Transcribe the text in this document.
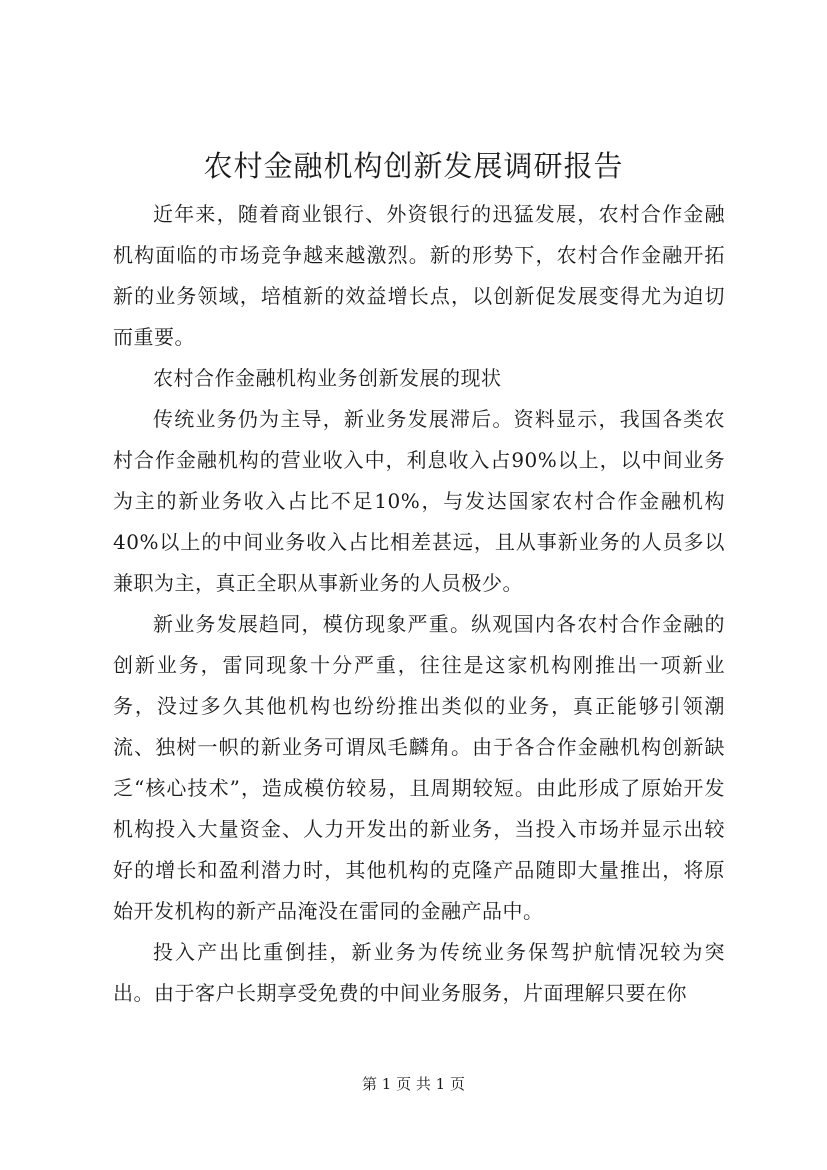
农村金融机构创新发展调研报告

近年来，随着商业银行、外资银行的迅猛发展，农村合作金融机构面临的市场竞争越来越激烈。新的形势下，农村合作金融开拓新的业务领域，培植新的效益增长点，以创新促发展变得尤为迫切而重要。

农村合作金融机构业务创新发展的现状

传统业务仍为主导，新业务发展滞后。资料显示，我国各类农村合作金融机构的营业收入中，利息收入占90%以上，以中间业务为主的新业务收入占比不足10%，与发达国家农村合作金融机构40%以上的中间业务收入占比相差甚远，且从事新业务的人员多以兼职为主，真正全职从事新业务的人员极少。

新业务发展趋同，模仿现象严重。纵观国内各农村合作金融的创新业务，雷同现象十分严重，往往是这家机构刚推出一项新业务，没过多久其他机构也纷纷推出类似的业务，真正能够引领潮流、独树一帜的新业务可谓凤毛麟角。由于各合作金融机构创新缺乏“核心技术”，造成模仿较易，且周期较短。由此形成了原始开发机构投入大量资金、人力开发出的新业务，当投入市场并显示出较好的增长和盈利潜力时，其他机构的克隆产品随即大量推出，将原始开发机构的新产品淹没在雷同的金融产品中。

投入产出比重倒挂，新业务为传统业务保驾护航情况较为突出。由于客户长期享受免费的中间业务服务，片面理解只要在你

第 1 页 共 1 页
